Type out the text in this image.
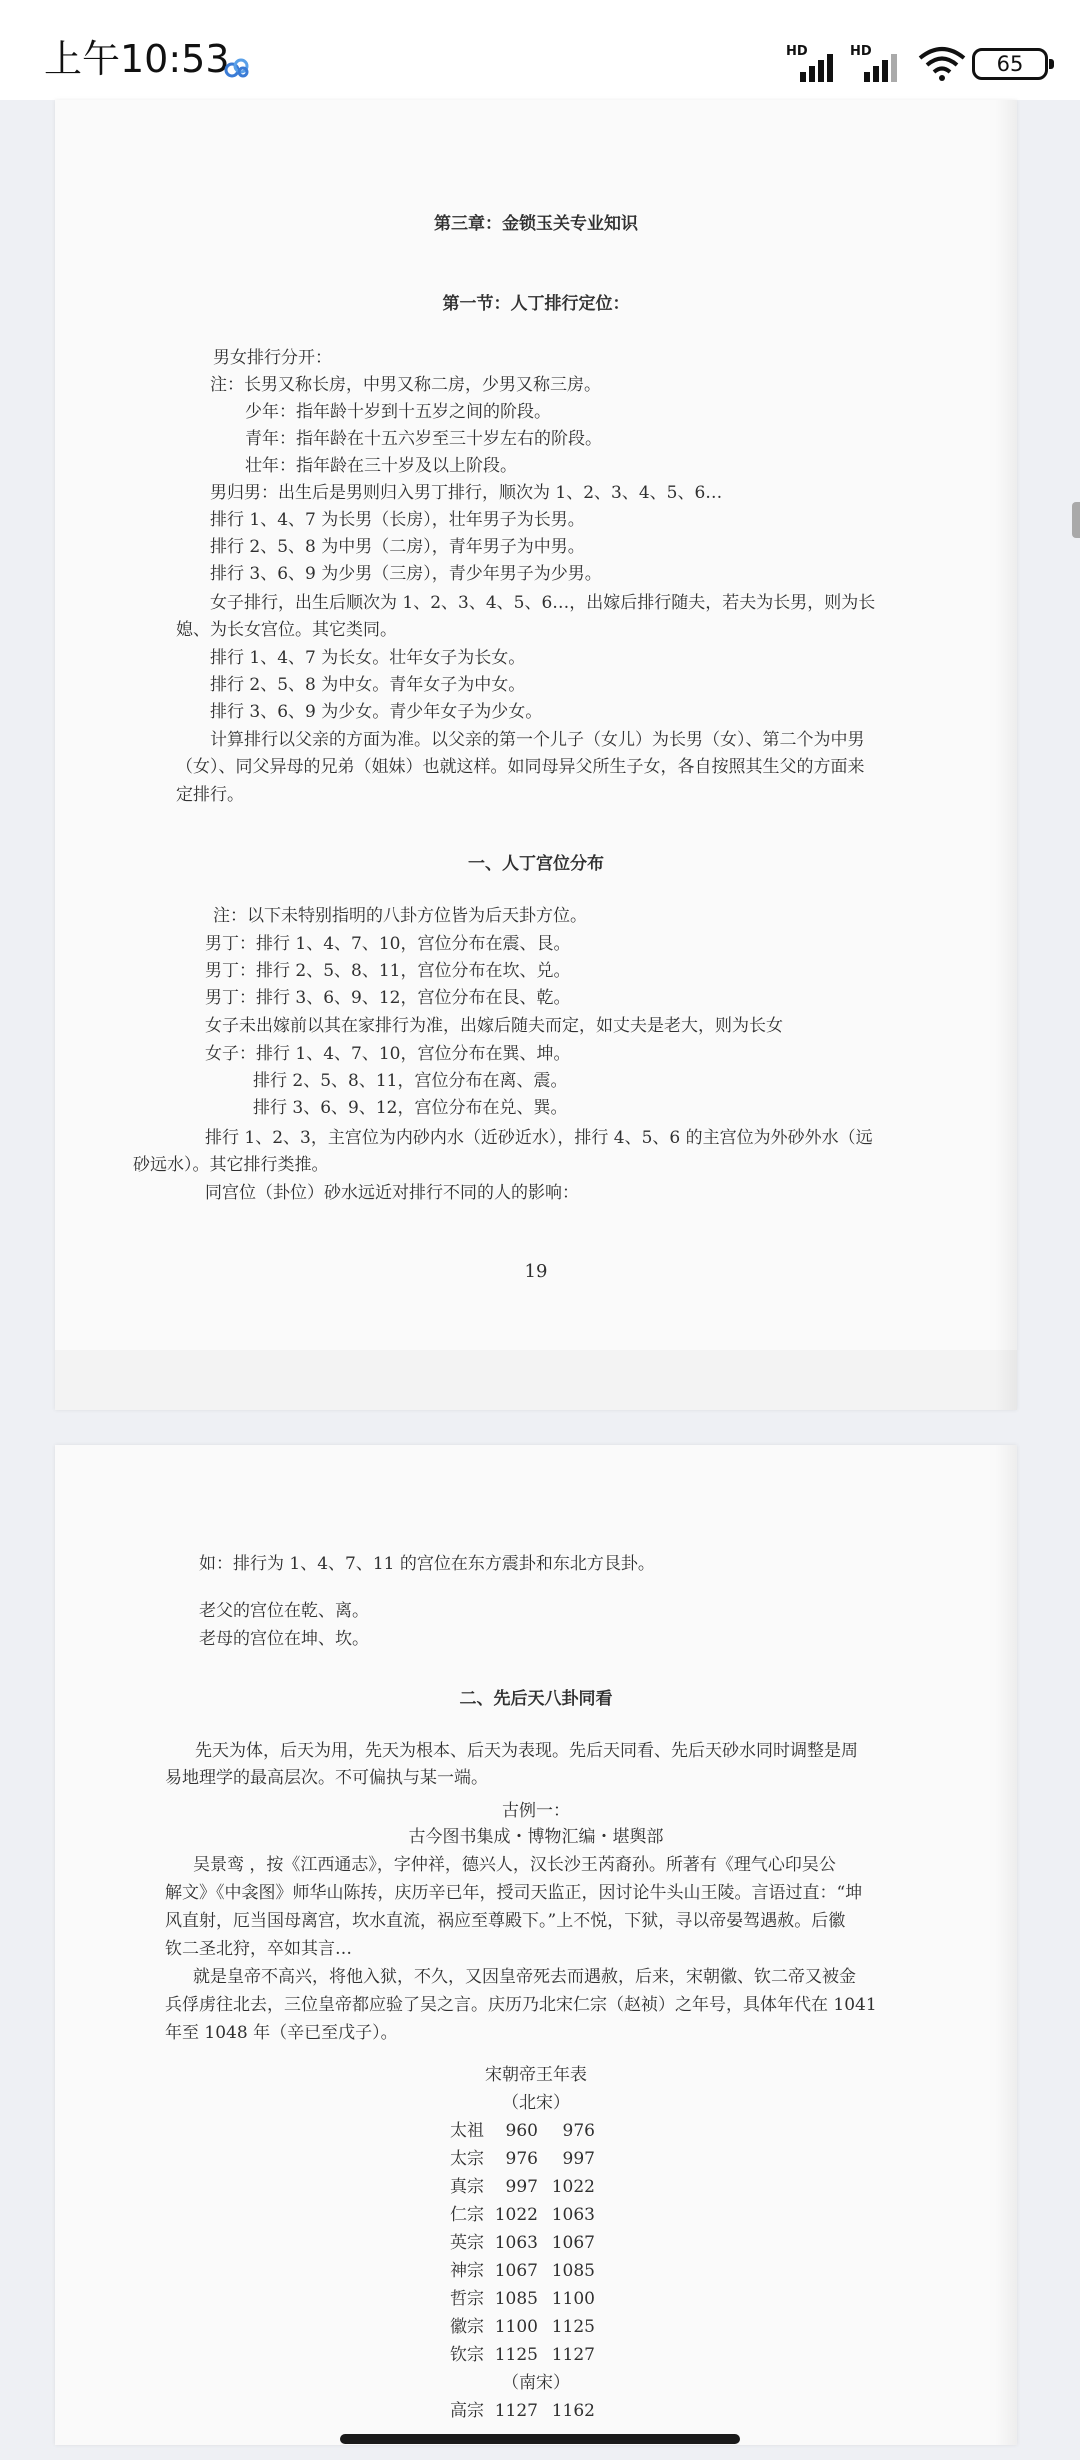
上午10:53	HD	HD
65
第三章：金锁玉关专业知识
第一节：人丁排行定位：
男女排行分开：
注：长男又称长房，中男又称二房，少男又称三房。
少年：指年龄十岁到十五岁之间的阶段。
青年：指年龄在十五六岁至三十岁左右的阶段。
壮年：指年龄在三十岁及以上阶段。
男归男：出生后是男则归入男丁排行，顺次为 1、2、3、4、5、6…
排行 1、4、7 为长男（长房），壮年男子为长男。
排行 2、5、8 为中男（二房），青年男子为中男。
排行 3、6、9 为少男（三房），青少年男子为少男。
女子排行，出生后顺次为 1、2、3、4、5、6…，出嫁后排行随夫，若夫为长男，则为长
媳、为长女宫位。其它类同。
排行 1、4、7 为长女。壮年女子为长女。
排行 2、5、8 为中女。青年女子为中女。
排行 3、6、9 为少女。青少年女子为少女。
计算排行以父亲的方面为准。以父亲的第一个儿子（女儿）为长男（女）、第二个为中男
（女）、同父异母的兄弟（姐妹）也就这样。如同母异父所生子女，各自按照其生父的方面来
定排行。
一、人丁宫位分布
注：以下未特别指明的八卦方位皆为后天卦方位。
男丁：排行 1、4、7、10，宫位分布在震、艮。
男丁：排行 2、5、8、11，宫位分布在坎、兑。
男丁：排行 3、6、9、12，宫位分布在艮、乾。
女子未出嫁前以其在家排行为准，出嫁后随夫而定，如丈夫是老大，则为长女
女子：排行 1、4、7、10，宫位分布在巽、坤。
排行 2、5、8、11，宫位分布在离、震。
排行 3、6、9、12，宫位分布在兑、巽。
排行 1、2、3，主宫位为内砂内水（近砂近水），排行 4、5、6 的主宫位为外砂外水（远
砂远水）。其它排行类推。
同宫位（卦位）砂水远近对排行不同的人的影响：
19
如：排行为 1、4、7、11 的宫位在东方震卦和东北方艮卦。
老父的宫位在乾、离。
老母的宫位在坤、坎。
二、先后天八卦同看
先天为体，后天为用，先天为根本、后天为表现。先后天同看、先后天砂水同时调整是周
易地理学的最高层次。不可偏执与某一端。
古例一：
古今图书集成・博物汇编・堪舆部
吴景鸾 ，按《江西通志》，字仲祥，德兴人，汉长沙王芮裔孙。所著有《理气心印吴公
解文》《中衾图》师华山陈抟，庆历辛已年，授司天监正，因讨论牛头山王陵。言语过直：“坤
风直射，厄当国母离宫，坎水直流，祸应至尊殿下。”上不悦，下狱，寻以帝晏驾遇赦。后徽
钦二圣北狩，卒如其言…
就是皇帝不高兴，将他入狱，不久，又因皇帝死去而遇赦，后来，宋朝徽、钦二帝又被金
兵俘虏往北去，三位皇帝都应验了吴之言。庆历乃北宋仁宗（赵祯）之年号，具体年代在 1041
年至 1048 年（辛已至戊子）。
宋朝帝王年表
（北宋）
太祖	960	976
太宗	976	997
真宗	997 1022
仁宗 1022 1063
英宗 1063 1067
神宗 1067 1085
哲宗 1085 1100
徽宗 1100 1125
钦宗 1125 1127
（南宋）
高宗 1127 1162
